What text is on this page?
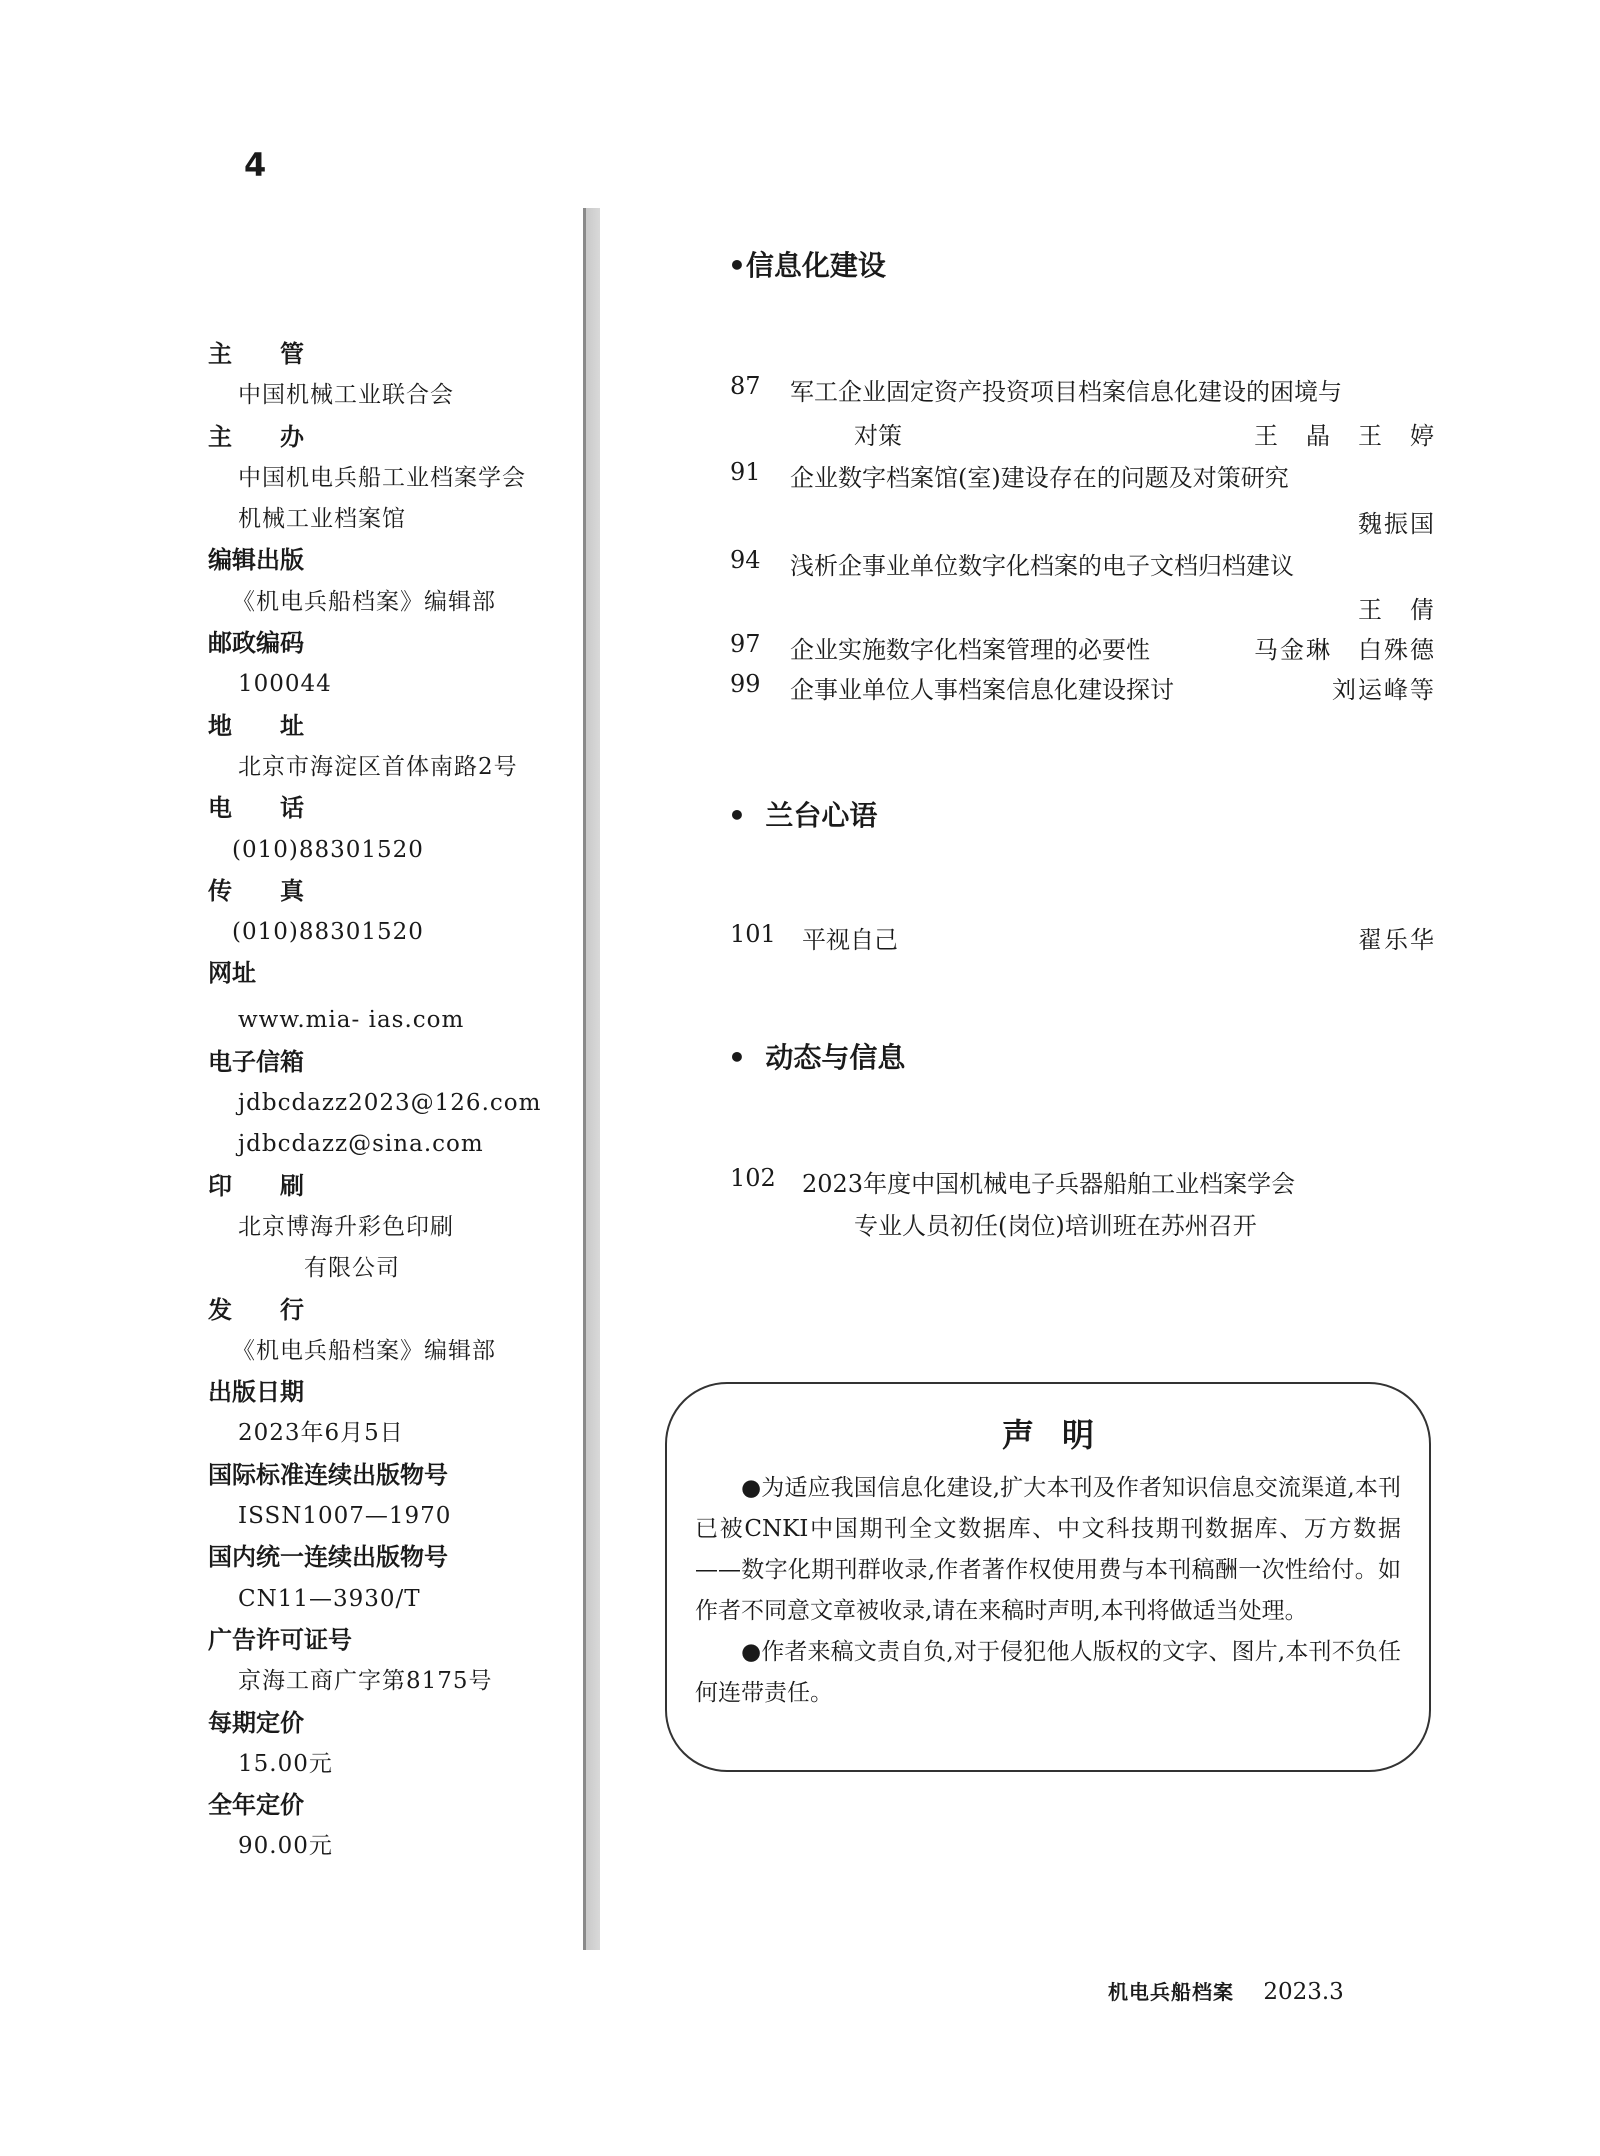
4
主　　管
中国机械工业联合会
主　　办
中国机电兵船工业档案学会
机械工业档案馆
编辑出版
《机电兵船档案》编辑部
邮政编码
100044
地　　址
北京市海淀区首体南路2号
电　　话
(010)88301520
传　　真
(010)88301520
网址
www.mia- ias.com
电子信箱
jdbcdazz2023@126.com
jdbcdazz@sina.com
印　　刷
北京博海升彩色印刷
有限公司
发　　行
《机电兵船档案》编辑部
出版日期
2023年6月5日
国际标准连续出版物号
ISSN1007—1970
国内统一连续出版物号
CN11—3930/T
广告许可证号
京海工商广字第8175号
每期定价
15.00元
全年定价
90.00元
•信息化建设
87 军工企业固定资产投资项目档案信息化建设的困境与
对策	王　晶　王　婷
91 企业数字档案馆(室)建设存在的问题及对策研究
魏振国
94 浅析企事业单位数字化档案的电子文档归档建议
王　倩
97 企业实施数字化档案管理的必要性	马金琳　白殊德
99 企事业单位人事档案信息化建设探讨	刘运峰等
•  兰台心语
101 平视自己	翟乐华
•  动态与信息
102 2023年度中国机械电子兵器船舶工业档案学会
专业人员初任(岗位)培训班在苏州召开
声明

●为适应我国信息化建设,扩大本刊及作者知识信息交流渠道,本刊已被CNKI中国期刊全文数据库、中文科技期刊数据库、万方数据——数字化期刊群收录,作者著作权使用费与本刊稿酬一次性给付。如作者不同意文章被收录,请在来稿时声明,本刊将做适当处理。

●作者来稿文责自负,对于侵犯他人版权的文字、图片,本刊不负任何连带责任。

机电兵船档案 2023.3
